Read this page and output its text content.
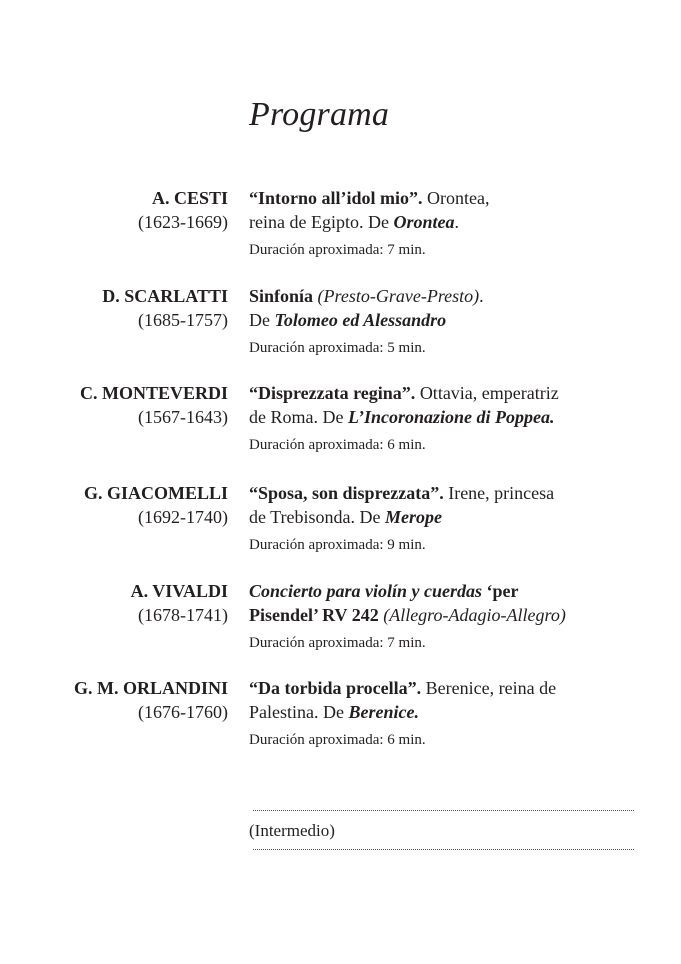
Programa
A. CESTI
(1623-1669)
“Intorno all’idol mio”. Orontea,
reina de Egipto. De Orontea.
Duración aproximada: 7 min.
D. SCARLATTI
(1685-1757)
Sinfonía (Presto-Grave-Presto).
De Tolomeo ed Alessandro
Duración aproximada: 5 min.
C. MONTEVERDI
(1567-1643)
“Disprezzata regina”. Ottavia, emperatriz
de Roma. De L’Incoronazione di Poppea.
Duración aproximada: 6 min.
G. GIACOMELLI
(1692-1740)
“Sposa, son disprezzata”. Irene, princesa
de Trebisonda. De Merope
Duración aproximada: 9 min.
A. VIVALDI
(1678-1741)
Concierto para violín y cuerdas ‘per
Pisendel’ RV 242 (Allegro-Adagio-Allegro)
Duración aproximada: 7 min.
G. M. ORLANDINI
(1676-1760)
“Da torbida procella”. Berenice, reina de
Palestina. De Berenice.
Duración aproximada: 6 min.
(Intermedio)
